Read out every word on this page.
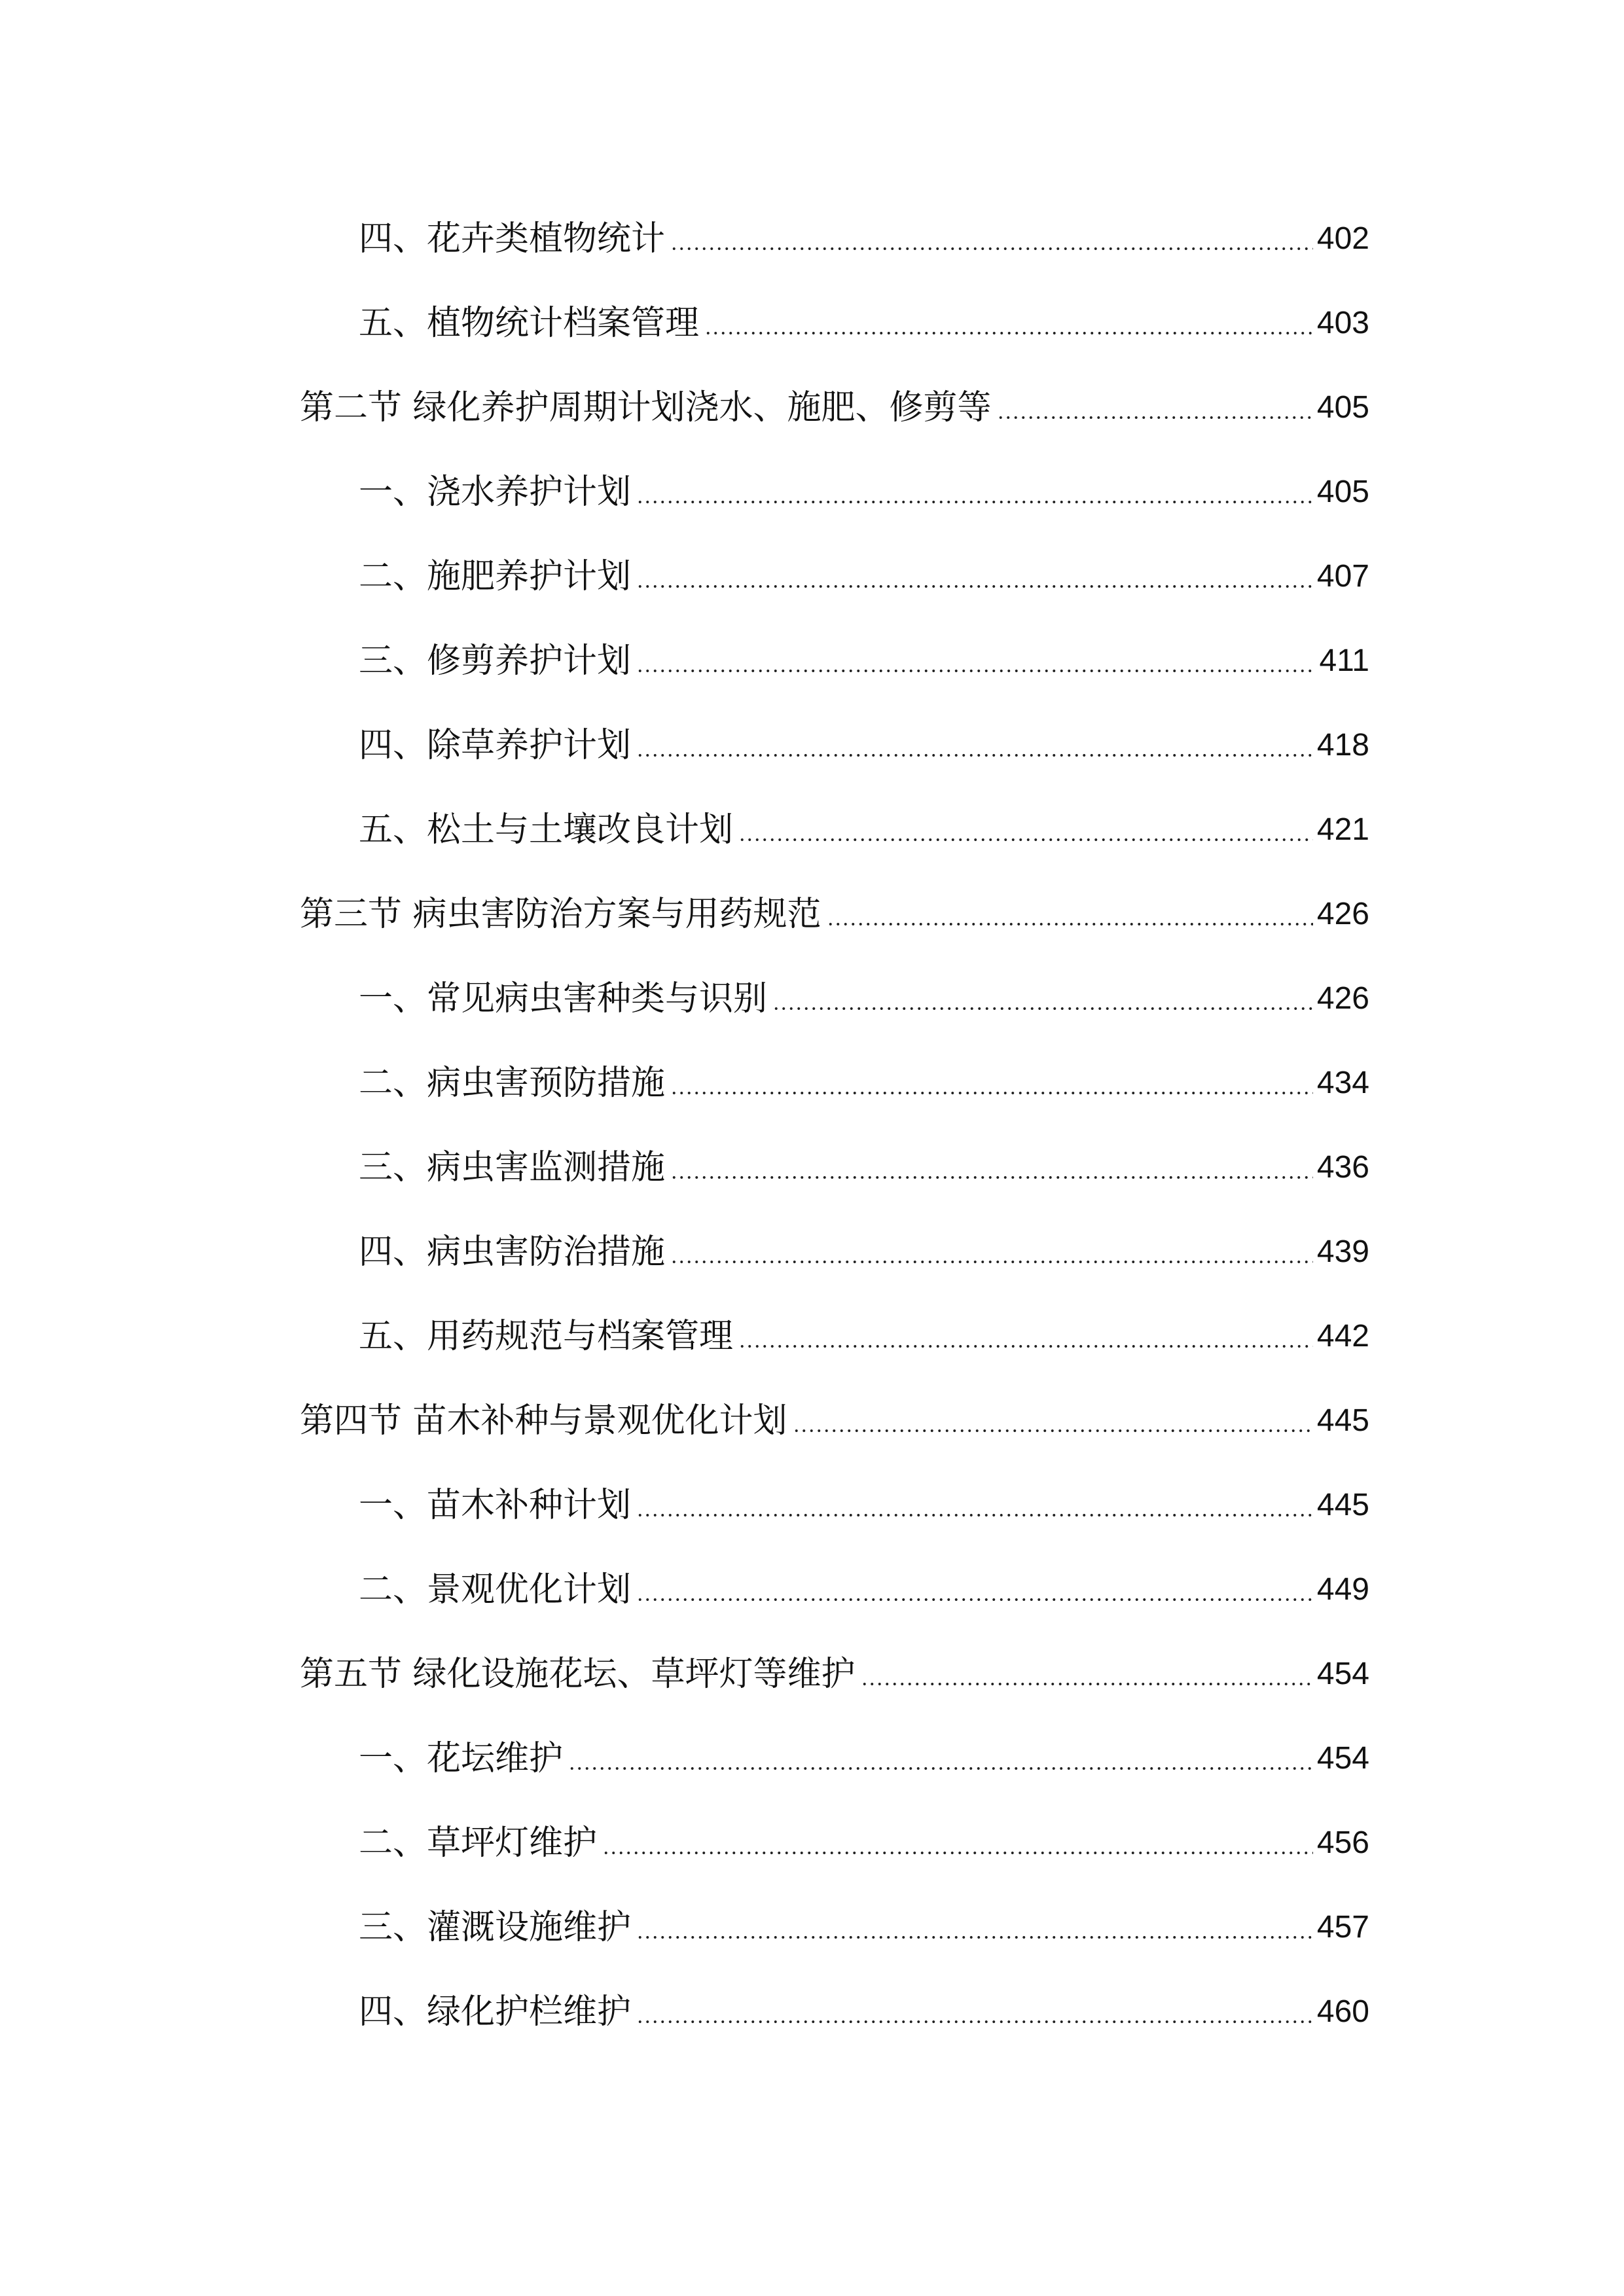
四、花卉类植物统计	402
五、植物统计档案管理	403
第二节 绿化养护周期计划浇水、施肥、修剪等	405
一、浇水养护计划	405
二、施肥养护计划	407
三、修剪养护计划	411
四、除草养护计划	418
五、松土与土壤改良计划	421
第三节 病虫害防治方案与用药规范	426
一、常见病虫害种类与识别	426
二、病虫害预防措施	434
三、病虫害监测措施	436
四、病虫害防治措施	439
五、用药规范与档案管理	442
第四节 苗木补种与景观优化计划	445
一、苗木补种计划	445
二、景观优化计划	449
第五节 绿化设施花坛、草坪灯等维护	454
一、花坛维护	454
二、草坪灯维护	456
三、灌溉设施维护	457
四、绿化护栏维护	460
